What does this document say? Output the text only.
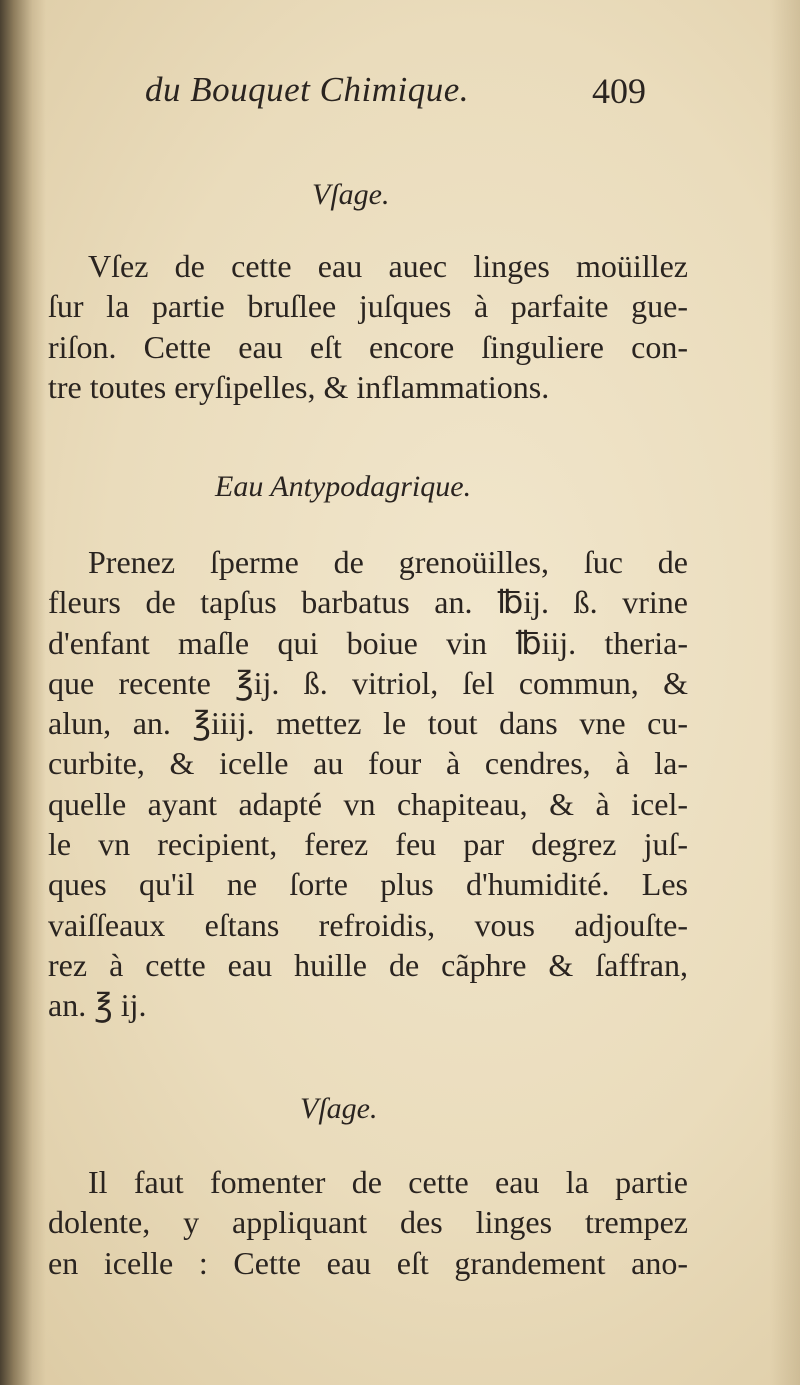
du Bouquet Chimique.	409
Vſage.
Vſez de cette eau auec linges moüillez
ſur la partie bruſlee juſques à parfaite gue-
riſon. Cette eau eſt encore ſinguliere con-
tre toutes eryſipelles, & inflammations.
Eau Antypodagrique.
Prenez ſperme de grenoüilles, ſuc de
fleurs de tapſus barbatus an. ℔ij. ß. vrine
d'enfant maſle qui boiue vin ℔iij. theria-
que recente ℥ij. ß. vitriol, ſel commun, &
alun, an. ℥iiij. mettez le tout dans vne cu-
curbite, & icelle au four à cendres, à la-
quelle ayant adapté vn chapiteau, & à icel-
le vn recipient, ferez feu par degrez juſ-
ques qu'il ne ſorte plus d'humidité. Les
vaiſſeaux eſtans refroidis, vous adjouſte-
rez à cette eau huille de cãphre & ſaffran,
an. ℥ ij.
Vſage.
Il faut fomenter de cette eau la partie
dolente, y appliquant des linges trempez
en icelle : Cette eau eſt grandement ano-
